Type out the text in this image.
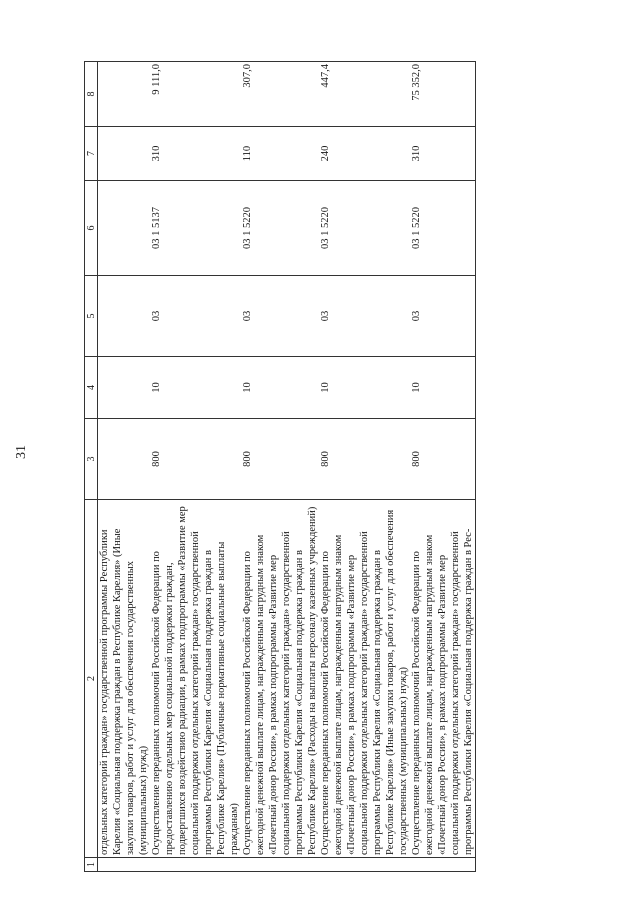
31
1	2	3	4	5	6	7	8
	отдельных категорий граждан» государственной программы Республики Карелия «Социальная поддержка граждан в Республике Карелия» (Иные закупки товаров, работ и услуг для обеспечения государственных (муниципальных) нужд)						
	Осуществление переданных полномочий Российской Федерации по предоставлению отдельных мер социальной поддержки граждан, подвергшихся воздействию радиации, в рамках подпрограммы «Развитие мер социальной поддержки отдельных категорий граждан» государственной программы Республики Карелия «Социальная поддержка граждан в Республике Карелия» (Публичные нормативные социальные выплаты гражданам)	800	10	03	03 1 5137	310	9 111,0
	Осуществление переданных полномочий Российской Федерации по ежегодной денежной выплате лицам, награжденным нагрудным знаком «Почетный донор России», в рамках подпрограммы «Развитие мер социальной поддержки отдельных категорий граждан» государственной программы Республики Карелия «Социальная поддержка граждан в Республике Карелия» (Расходы на выплаты персоналу казенных учреждений)	800	10	03	03 1 5220	110	307,0
	Осуществление переданных полномочий Российской Федерации по ежегодной денежной выплате лицам, награжденным нагрудным знаком «Почетный донор России», в рамках подпрограммы «Развитие мер социальной поддержки отдельных категорий граждан» государственной программы Республики Карелия «Социальная поддержка граждан в Республике Карелия» (Иные закупки товаров, работ и услуг для обеспечения государственных (муниципальных) нужд)	800	10	03	03 1 5220	240	447,4
	Осуществление переданных полномочий Российской Федерации по ежегодной денежной выплате лицам, награжденным нагрудным знаком «Почетный донор России», в рамках подпрограммы «Развитие мер социальной поддержки отдельных категорий граждан» государственной программы Республики Карелия «Социальная поддержка граждан в Рес-	800	10	03	03 1 5220	310	75 352,0
